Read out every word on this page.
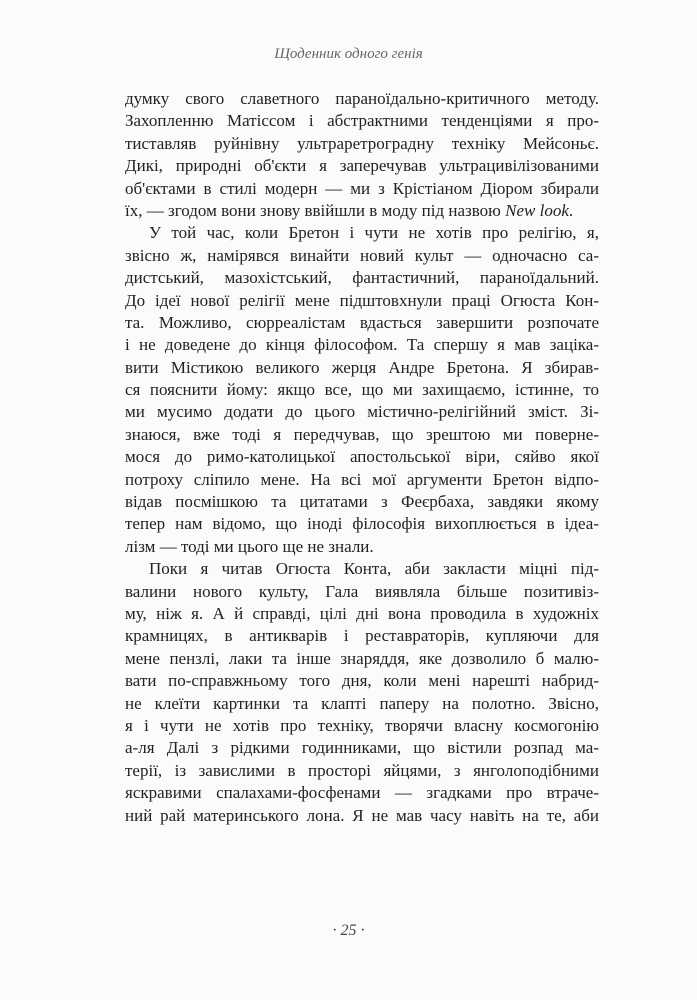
Щоденник одного генія
думку свого славетного параноїдально-критичного методу.
Захопленню Матіссом і абстрактними тенденціями я про-
тиставляв руйнівну ультраретроградну техніку Мейсоньє.
Дикі, природні об'єкти я заперечував ультрацивілізованими
об'єктами в стилі модерн — ми з Крістіаном Діором збирали
їх, — згодом вони знову ввійшли в моду під назвою New look.
У той час, коли Бретон і чути не хотів про релігію, я,
звісно ж, намірявся винайти новий культ — одночасно са-
дистський, мазохістський, фантастичний, параноїдальний.
До ідеї нової релігії мене підштовхнули праці Огюста Кон-
та. Можливо, сюрреалістам вдасться завершити розпочате
і не доведене до кінця філософом. Та спершу я мав заціка-
вити Містикою великого жерця Андре Бретона. Я збирав-
ся пояснити йому: якщо все, що ми захищаємо, істинне, то
ми мусимо додати до цього містично-релігійний зміст. Зі-
знаюся, вже тоді я передчував, що зрештою ми поверне-
мося до римо-католицької апостольської віри, сяйво якої
потроху сліпило мене. На всі мої аргументи Бретон відпо-
відав посмішкою та цитатами з Феєрбаха, завдяки якому
тепер нам відомо, що іноді філософія вихоплюється в ідеа-
лізм — тоді ми цього ще не знали.
Поки я читав Огюста Конта, аби закласти міцні під-
валини нового культу, Гала виявляла більше позитивіз-
му, ніж я. А й справді, цілі дні вона проводила в художніх
крамницях, в антикварів і реставраторів, купляючи для
мене пензлі, лаки та інше знаряддя, яке дозволило б малю-
вати по-справжньому того дня, коли мені нарешті набрид-
не клеїти картинки та клапті паперу на полотно. Звісно,
я і чути не хотів про техніку, творячи власну космогонію
а-ля Далі з рідкими годинниками, що вістили розпад ма-
терії, із завислими в просторі яйцями, з янголоподібними
яскравими спалахами-фосфенами — згадками про втраче-
ний рай материнського лона. Я не мав часу навіть на те, аби
· 25 ·
